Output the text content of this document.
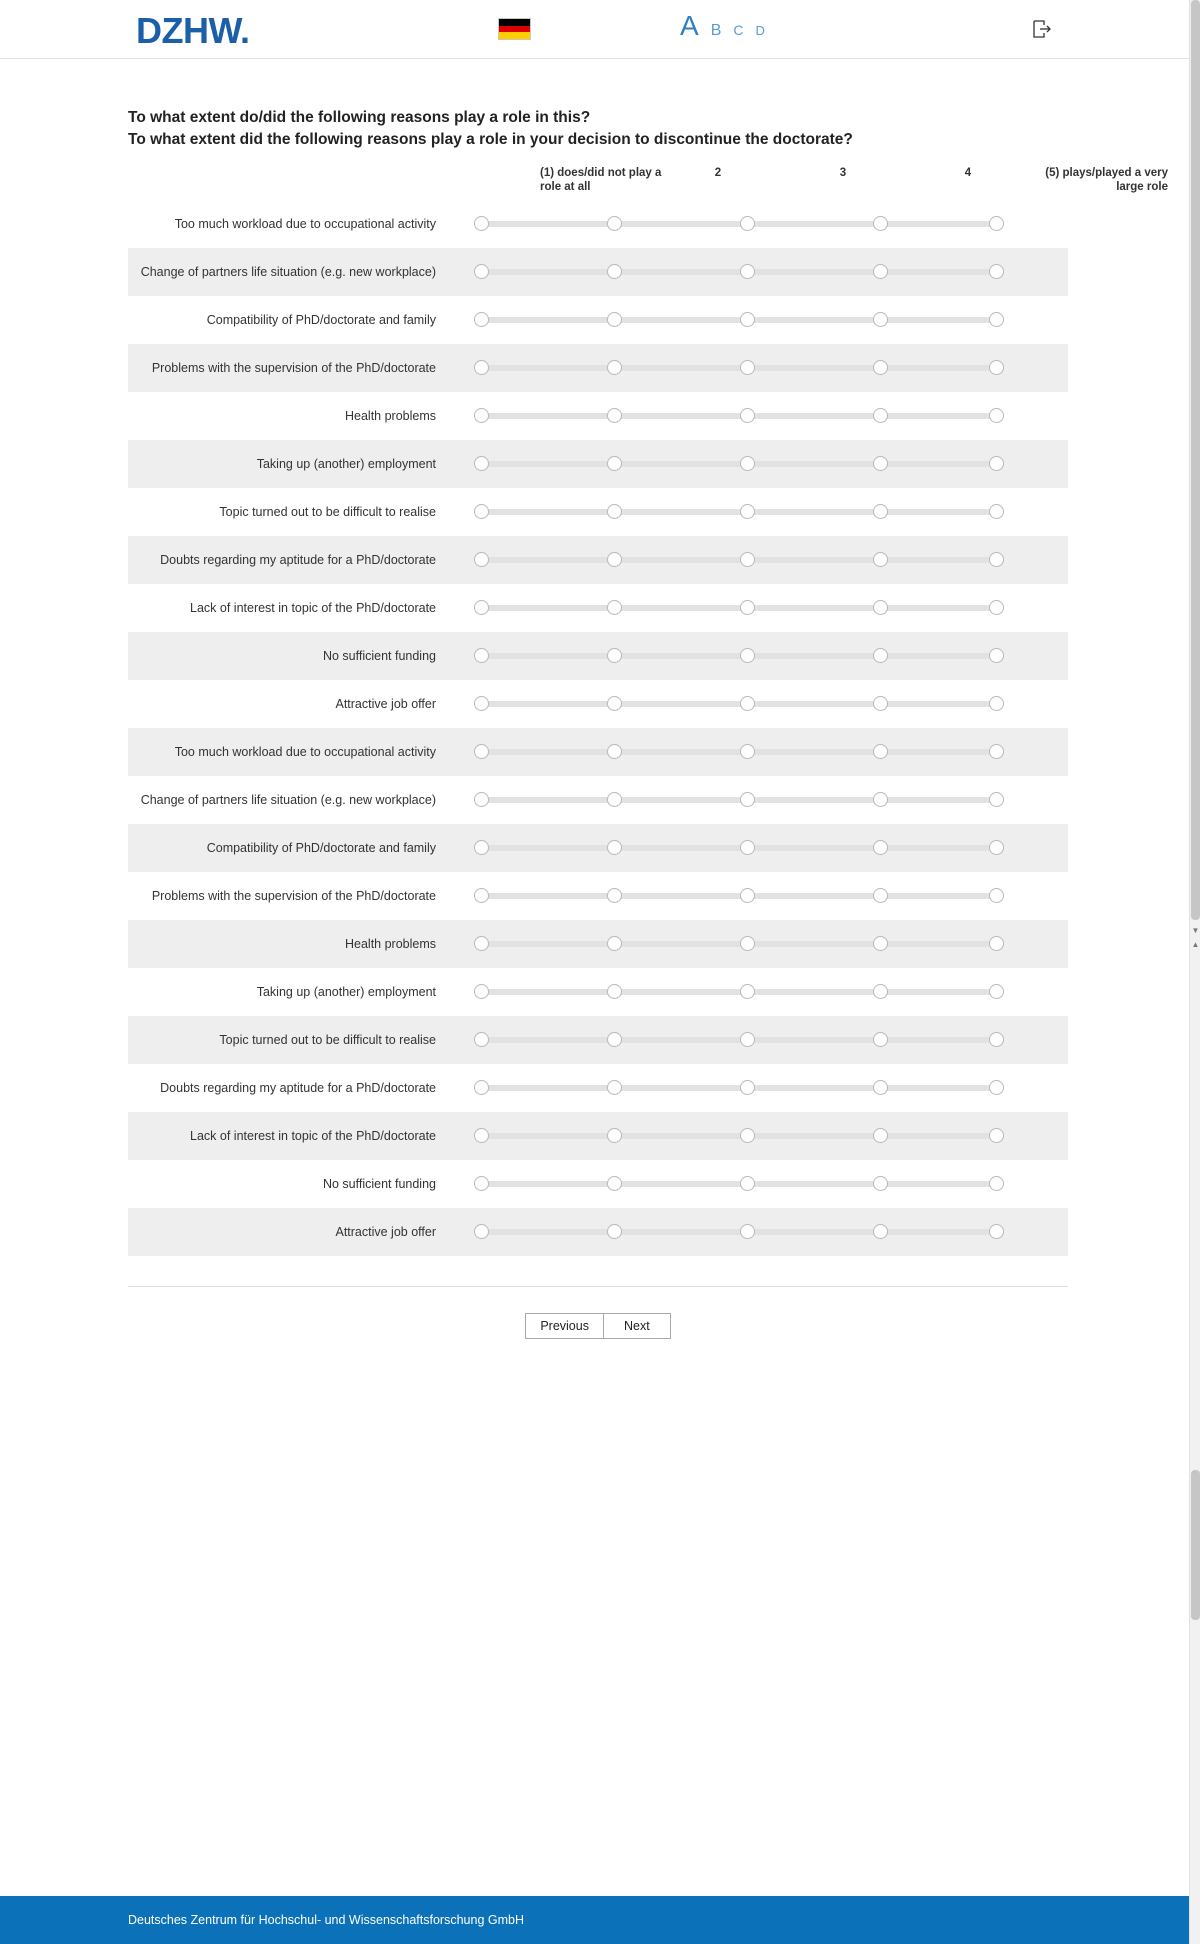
DZHW.	A B C D
To what extent do/did the following reasons play a role in this?
To what extent did the following reasons play a role in your decision to discontinue the doctorate?
(1) does/did not play a role at all
2	3	4	(5) plays/played a very large role
Too much workload due to occupational activity
Change of partners life situation (e.g. new workplace)
Compatibility of PhD/doctorate and family
Problems with the supervision of the PhD/doctorate
Health problems
Taking up (another) employment
Topic turned out to be difficult to realise
Doubts regarding my aptitude for a PhD/doctorate
Lack of interest in topic of the PhD/doctorate
No sufficient funding
Attractive job offer
Too much workload due to occupational activity
Change of partners life situation (e.g. new workplace)
Compatibility of PhD/doctorate and family
Problems with the supervision of the PhD/doctorate
Health problems
Taking up (another) employment
Topic turned out to be difficult to realise
Doubts regarding my aptitude for a PhD/doctorate
Lack of interest in topic of the PhD/doctorate
No sufficient funding
Attractive job offer
Previous	Next
Deutsches Zentrum für Hochschul- und Wissenschaftsforschung GmbH
▼
▲
